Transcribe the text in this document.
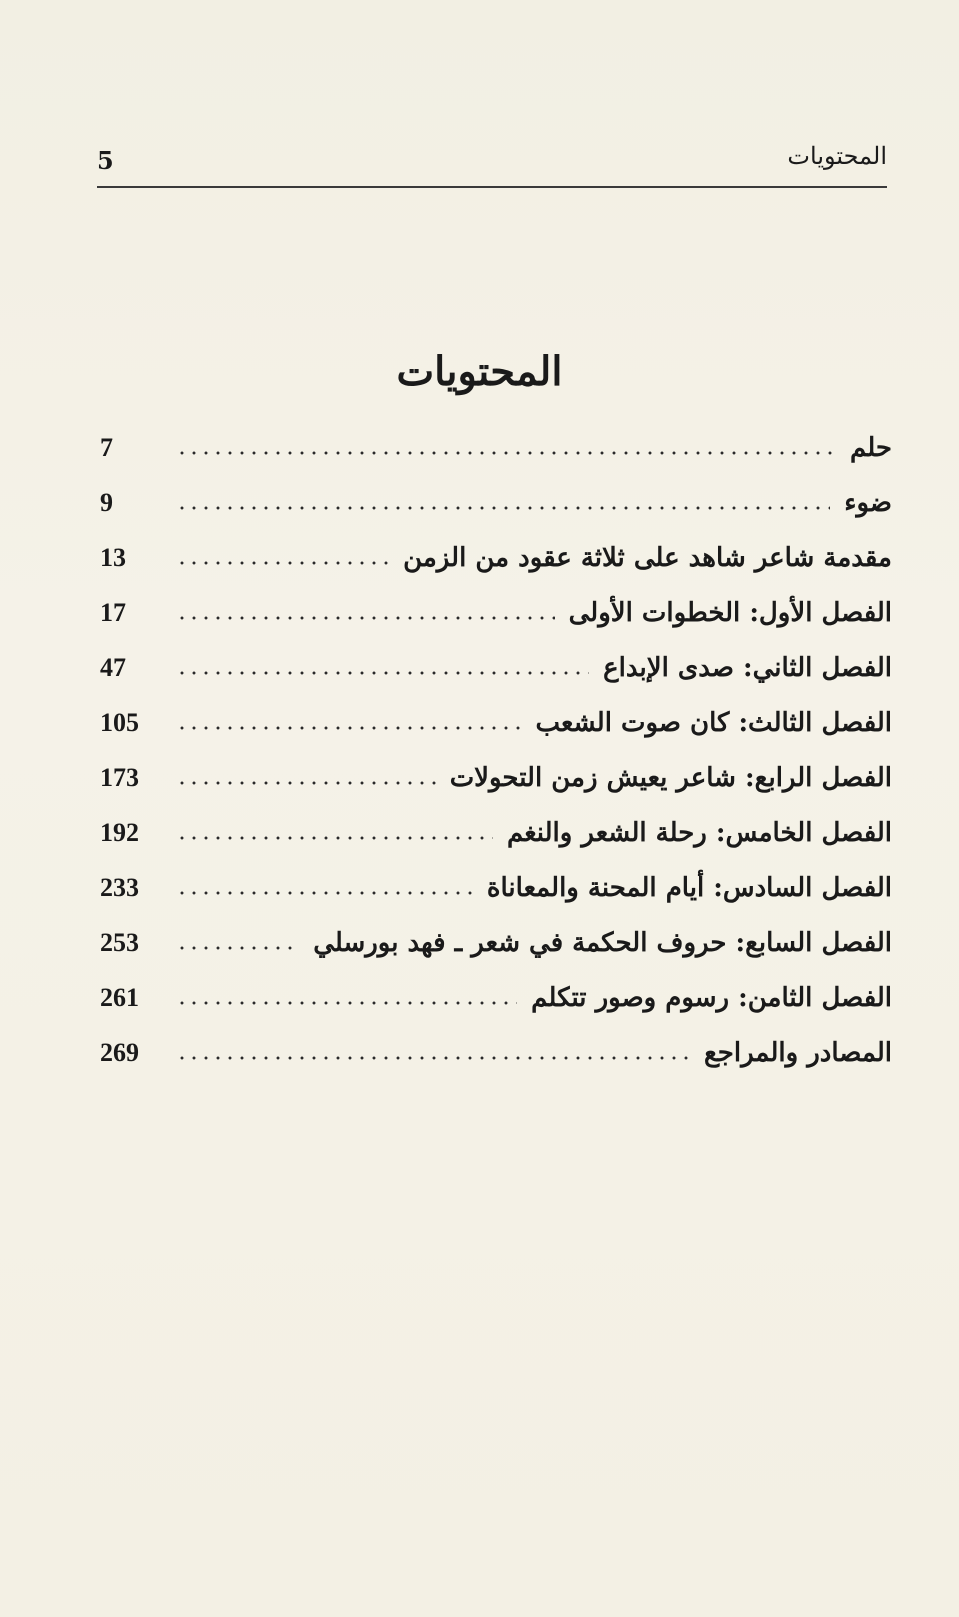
المحتويات
5
المحتويات
7	حلم
9	ضوء
13	مقدمة شاعر شاهد على ثلاثة عقود من الزمن
17	الفصل الأول: الخطوات الأولى
47	الفصل الثاني: صدى الإبداع
105	الفصل الثالث: كان صوت الشعب
173	الفصل الرابع: شاعر يعيش زمن التحولات
192	الفصل الخامس: رحلة الشعر والنغم
233	الفصل السادس: أيام المحنة والمعاناة
253	الفصل السابع: حروف الحكمة في شعر ـ فهد بورسلي
261	الفصل الثامن: رسوم وصور تتكلم
269	المصادر والمراجع
